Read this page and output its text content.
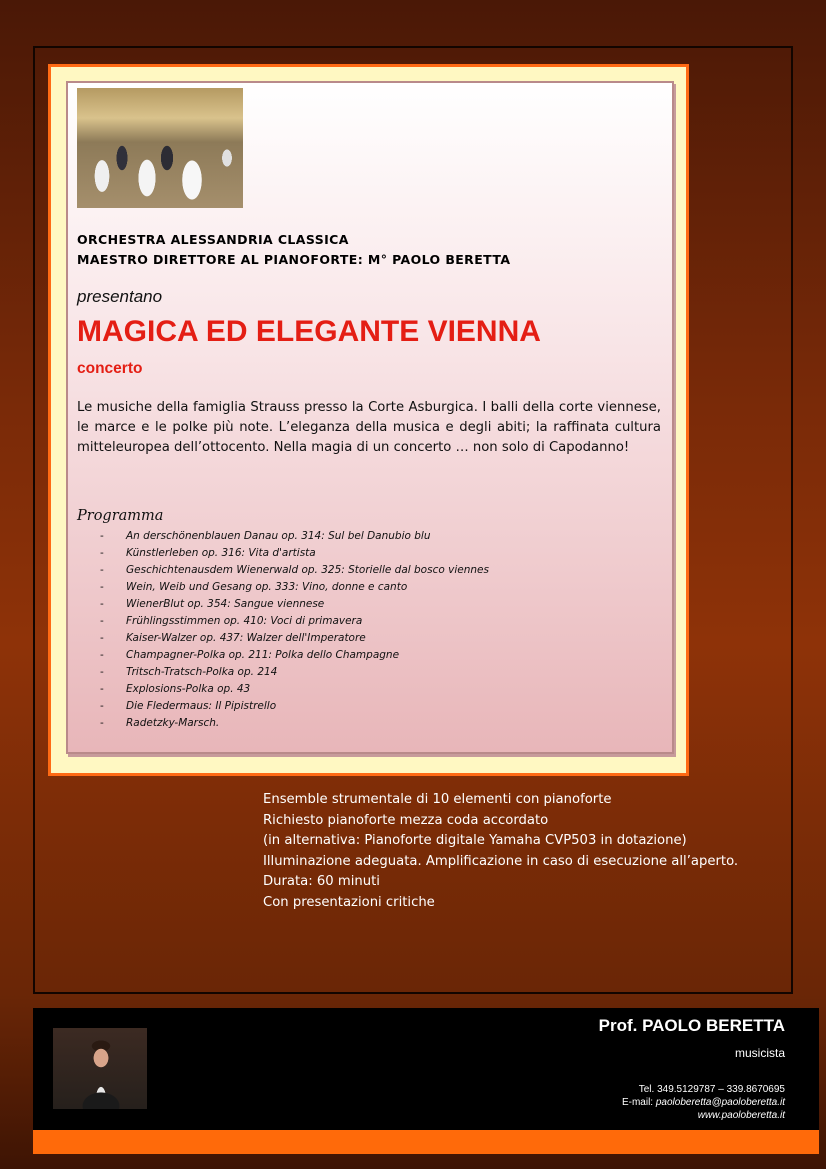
ORCHESTRA ALESSANDRIA CLASSICA
MAESTRO DIRETTORE AL PIANOFORTE: M° PAOLO BERETTA
presentano
MAGICA ED ELEGANTE VIENNA
concerto

Le musiche della famiglia Strauss presso la Corte Asburgica. I balli della corte viennese, le marce e le polke più note. L’eleganza della musica e degli abiti; la raffinata cultura mitteleuropea dell’ottocento. Nella magia di un concerto … non solo di Capodanno!

Programma
- An derschönenblauen Danau op. 314: Sul bel Danubio blu
- Künstlerleben op. 316: Vita d'artista
- Geschichtenausdem Wienerwald op. 325: Storielle dal bosco viennes
- Wein, Weib und Gesang op. 333: Vino, donne e canto
- WienerBlut op. 354: Sangue viennese
- Frühlingsstimmen op. 410: Voci di primavera
- Kaiser-Walzer op. 437: Walzer dell'Imperatore
- Champagner-Polka op. 211: Polka dello Champagne
- Tritsch-Tratsch-Polka op. 214
- Explosions-Polka op. 43
- Die Fledermaus: Il Pipistrello
- Radetzky-Marsch.
Ensemble strumentale di 10 elementi con pianoforte
Richiesto pianoforte mezza coda accordato
(in alternativa: Pianoforte digitale Yamaha CVP503 in dotazione)
Illuminazione adeguata. Amplificazione in caso di esecuzione all’aperto.
Durata: 60 minuti
Con presentazioni critiche
Prof. PAOLO BERETTA
musicista
Tel. 349.5129787 – 339.8670695
E-mail: paoloberetta@paoloberetta.it
www.paoloberetta.it
